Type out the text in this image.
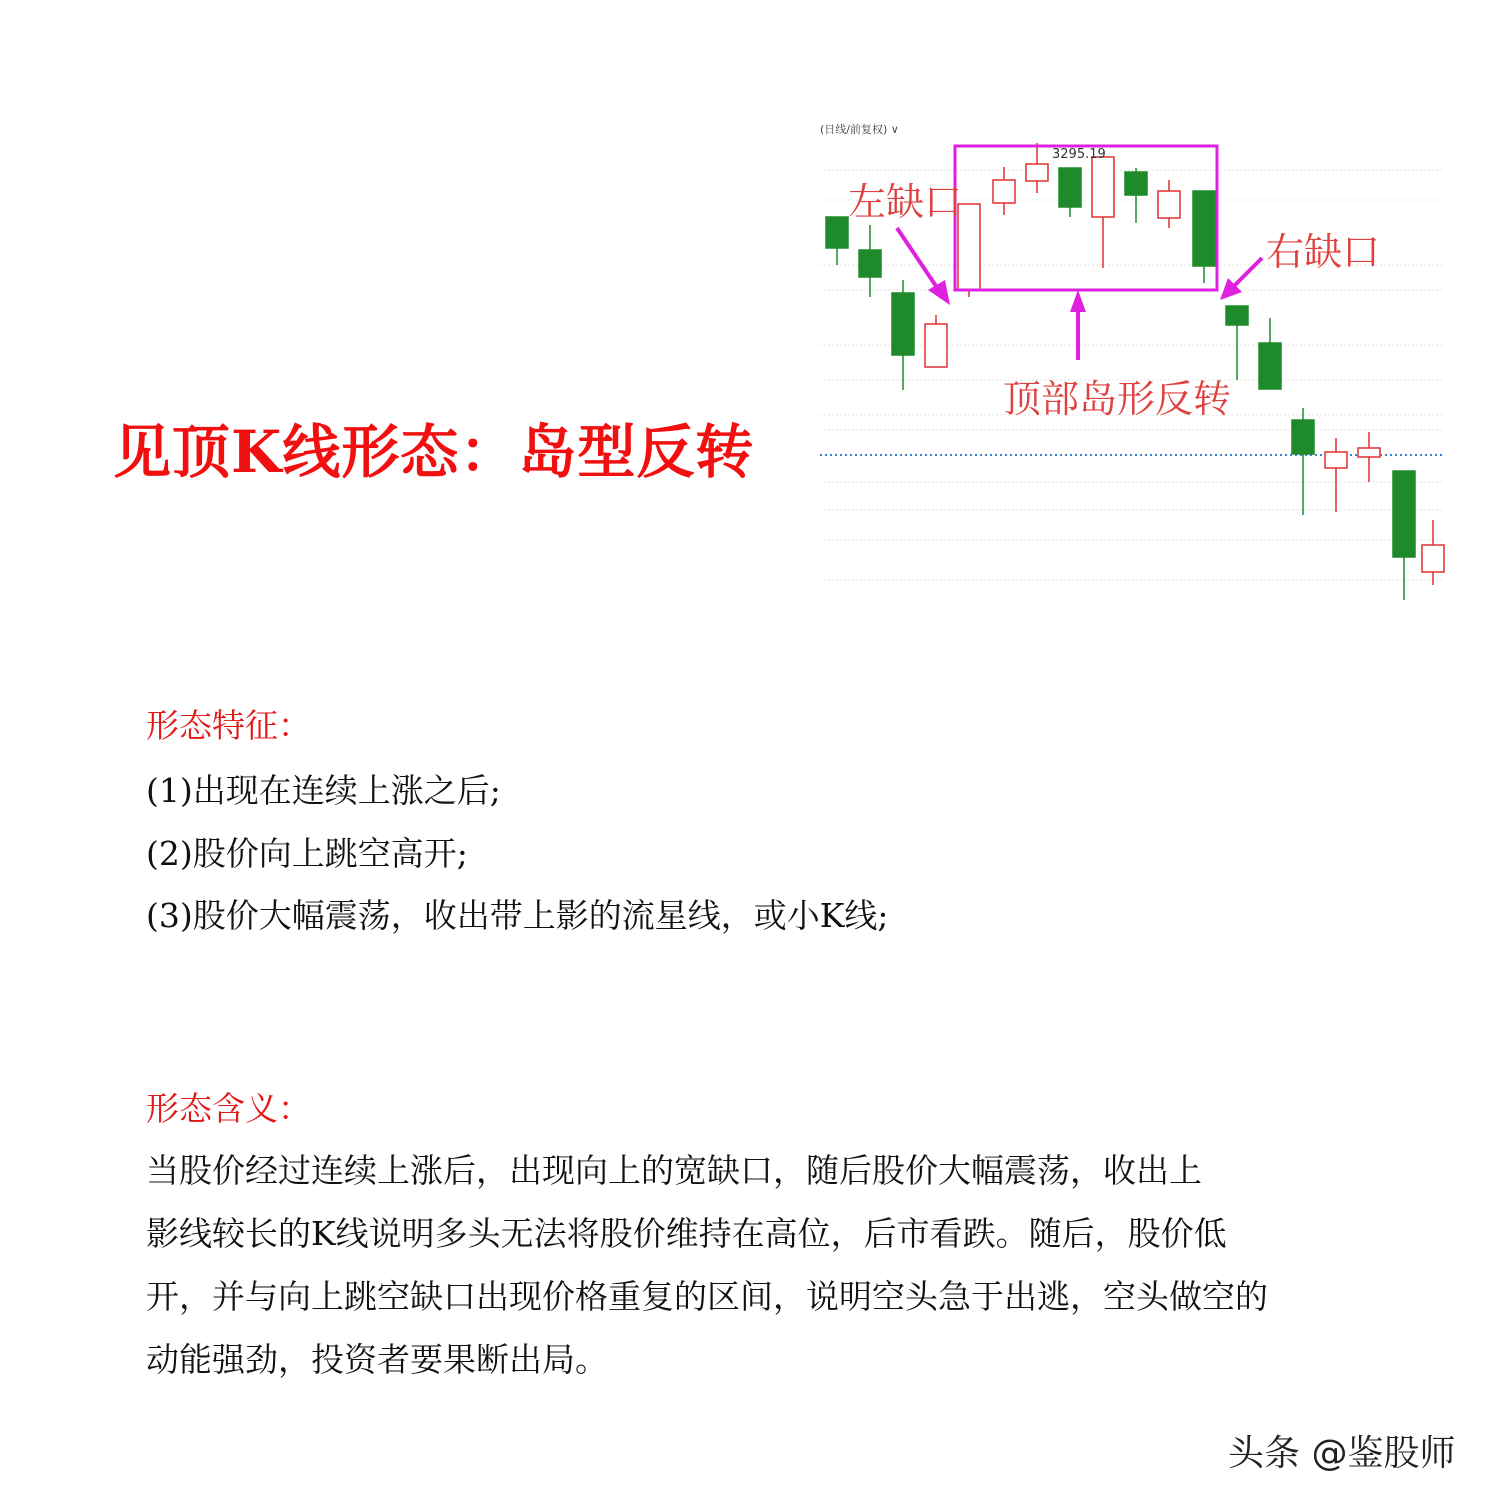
见顶K线形态：岛型反转
(日线/前复权) ∨
3295.19
左缺口
右缺口
顶部岛形反转
形态特征：
(1)出现在连续上涨之后;
(2)股价向上跳空高开;
(3)股价大幅震荡，收出带上影的流星线，或小K线;
形态含义：
当股价经过连续上涨后，出现向上的宽缺口，随后股价大幅震荡，收出上
影线较长的K线说明多头无法将股价维持在高位，后市看跌。随后，股价低
开，并与向上跳空缺口出现价格重复的区间，说明空头急于出逃，空头做空的
动能强劲，投资者要果断出局。
头条 @鉴股师
